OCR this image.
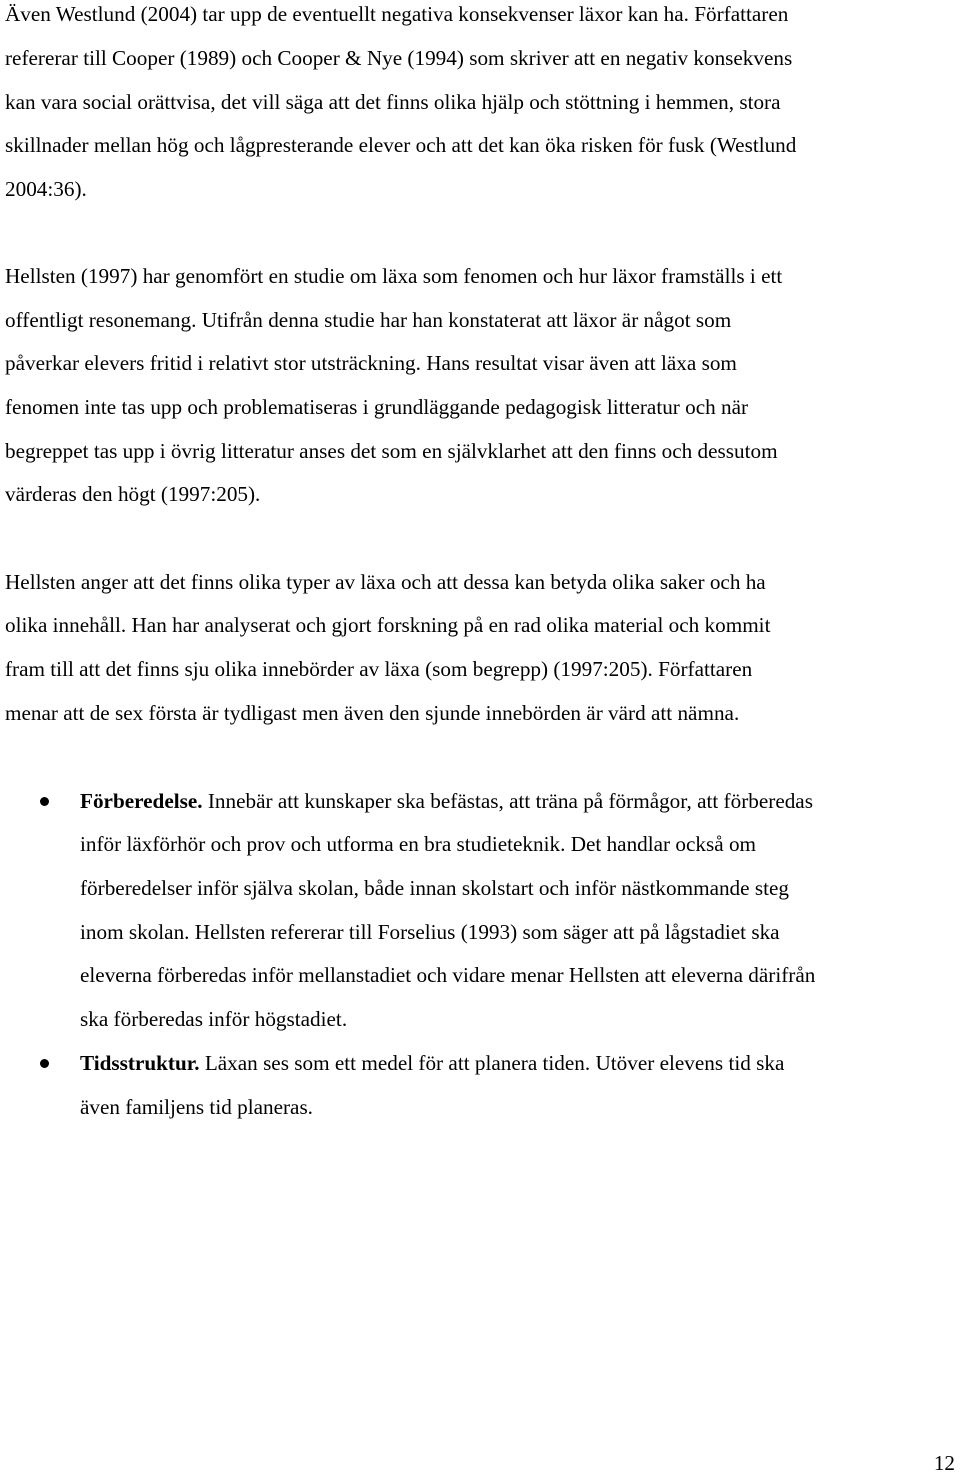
Även Westlund (2004) tar upp de eventuellt negativa konsekvenser läxor kan ha. Författaren

refererar till Cooper (1989) och Cooper & Nye (1994) som skriver att en negativ konsekvens

kan vara social orättvisa, det vill säga att det finns olika hjälp och stöttning i hemmen, stora

skillnader mellan hög och lågpresterande elever och att det kan öka risken för fusk (Westlund

2004:36).

Hellsten (1997) har genomfört en studie om läxa som fenomen och hur läxor framställs i ett

offentligt resonemang. Utifrån denna studie har han konstaterat att läxor är något som

påverkar elevers fritid i relativt stor utsträckning. Hans resultat visar även att läxa som

fenomen inte tas upp och problematiseras i grundläggande pedagogisk litteratur och när

begreppet tas upp i övrig litteratur anses det som en självklarhet att den finns och dessutom

värderas den högt (1997:205).

Hellsten anger att det finns olika typer av läxa och att dessa kan betyda olika saker och ha

olika innehåll. Han har analyserat och gjort forskning på en rad olika material och kommit

fram till att det finns sju olika innebörder av läxa (som begrepp) (1997:205). Författaren

menar att de sex första är tydligast men även den sjunde innebörden är värd att nämna.

Förberedelse. Innebär att kunskaper ska befästas, att träna på förmågor, att förberedas

inför läxförhör och prov och utforma en bra studieteknik. Det handlar också om

förberedelser inför själva skolan, både innan skolstart och inför nästkommande steg

inom skolan. Hellsten refererar till Forselius (1993) som säger att på lågstadiet ska

eleverna förberedas inför mellanstadiet och vidare menar Hellsten att eleverna därifrån

ska förberedas inför högstadiet.

Tidsstruktur. Läxan ses som ett medel för att planera tiden. Utöver elevens tid ska

även familjens tid planeras.

12
